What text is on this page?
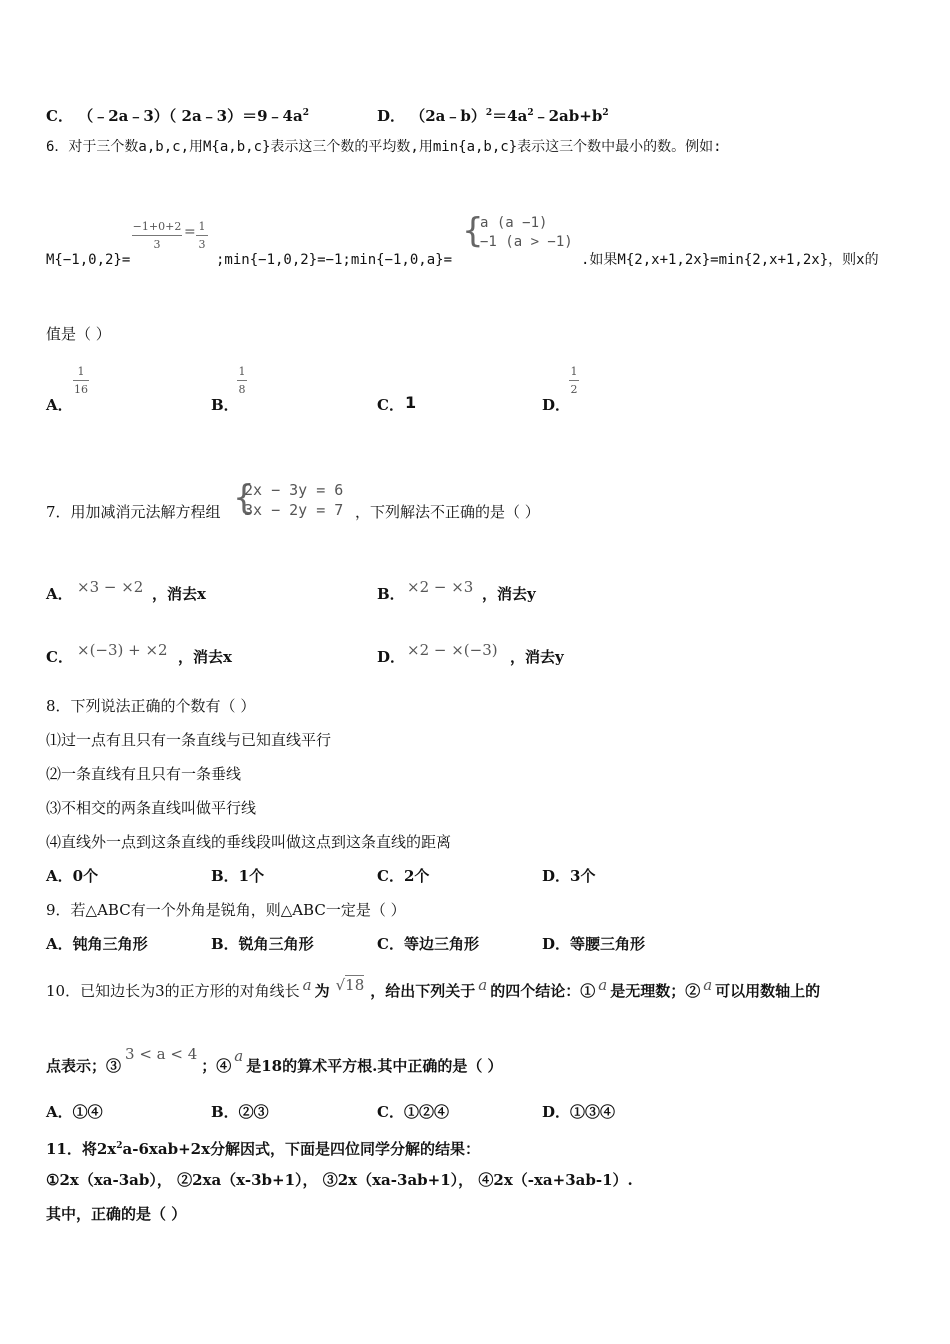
C． （﹣2a﹣3）（ $2a﹣3)=9﹣4a^2$	D． $(2a﹣b)^2=4a^2﹣2ab+b^2$
6．对于三个数a,b,c,用M{a,b,c}表示这三个数的平均数,用min{a,b,c}表示这三个数中最小的数。例如:
M{−1,0,2}=
−1+0+2
3
= 1
3
;min{−1,0,2}=−1;min{−1,0,a}=
{
a (a −1)
−1 (a > −1)
.如果M{2,x+1,2x}=min{2,x+1,2x}，则x的
值是（ ）
A．
1
16
B．
1
8
C． 1	D．
1
2
7．用加减消元法解方程组 {
2x − 3y = 6
3x − 2y = 7 ，下列解法不正确的是（ ）
A． ×3 − ×2 ，消去x	B． ×2 − ×3 ，消去y
C． ×(−3) + ×2 ，消去x	D． ×2 − ×(−3) ，消去y
8．下列说法正确的个数有（ ）
⑴过一点有且只有一条直线与已知直线平行
⑵一条直线有且只有一条垂线
⑶不相交的两条直线叫做平行线
⑷直线外一点到这条直线的垂线段叫做这点到这条直线的距离
A．0个	B．1个	C．2个	D．3个
9．若△ABC有一个外角是锐角，则△ABC一定是（ ）
A．钝角三角形	B．锐角三角形	C．等边三角形	D．等腰三角形
10．已知边长为3的正方形的对角线长 a 为 √18 ，给出下列关于 a 的四个结论：① a 是无理数；② a 可以用数轴上的
点表示；③3 < a < 4；④a是18的算术平方根.其中正确的是（ ）
A．①④	B．②③	C．①②④	D．①③④
11．将$2x^2a-6xab+2x$分解因式，下面是四位同学分解的结果：
①2x（xa-3ab）， ②2xa（x-3b+1）， ③2x（xa-3ab+1）， ④2x（-xa+3ab-1）.
其中，正确的是（ ）
